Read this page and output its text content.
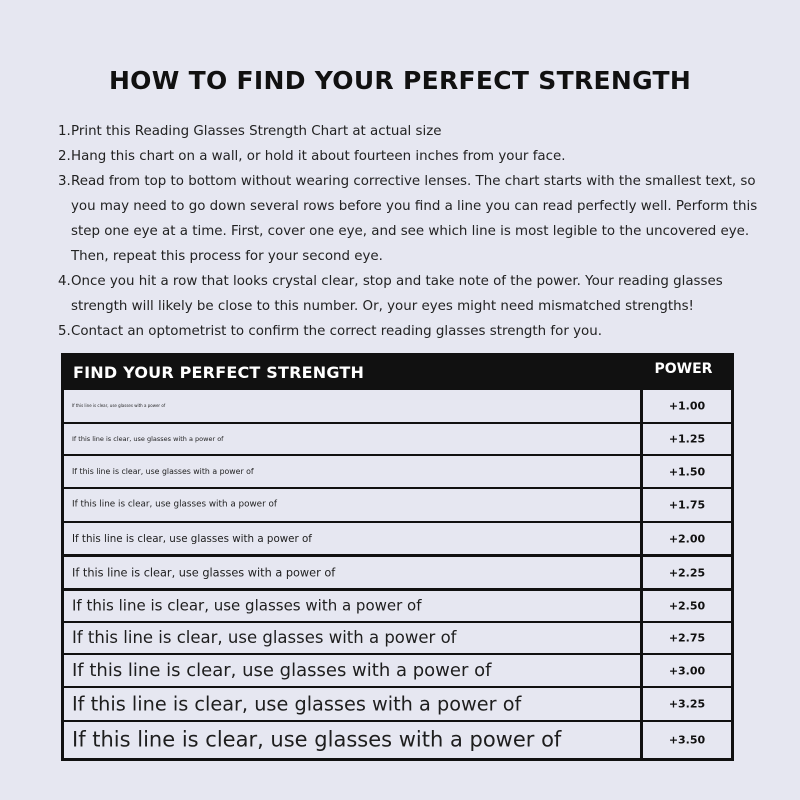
HOW TO FIND YOUR PERFECT STRENGTH
1. Print this Reading Glasses Strength Chart at actual size
2. Hang this chart on a wall, or hold it about fourteen inches from your face.
3. Read from top to bottom without wearing corrective lenses. The chart starts with the smallest text, so you may need to go down several rows before you find a line you can read perfectly well. Perform this step one eye at a time. First, cover one eye, and see which line is most legible to the uncovered eye. Then, repeat this process for your second eye.
4. Once you hit a row that looks crystal clear, stop and take note of the power. Your reading glasses strength will likely be close to this number. Or, your eyes might need mismatched strengths!
5. Contact an optometrist to confirm the correct reading glasses strength for you.
FIND YOUR PERFECT STRENGTH	POWER
If this line is clear, use glasses with a power of	+1.00
If this line is clear, use glasses with a power of	+1.25
If this line is clear, use glasses with a power of	+1.50
If this line is clear, use glasses with a power of	+1.75
If this line is clear, use glasses with a power of	+2.00
If this line is clear, use glasses with a power of	+2.25
If this line is clear, use glasses with a power of	+2.50
If this line is clear, use glasses with a power of	+2.75
If this line is clear, use glasses with a power of	+3.00
If this line is clear, use glasses with a power of	+3.25
If this line is clear, use glasses with a power of	+3.50
